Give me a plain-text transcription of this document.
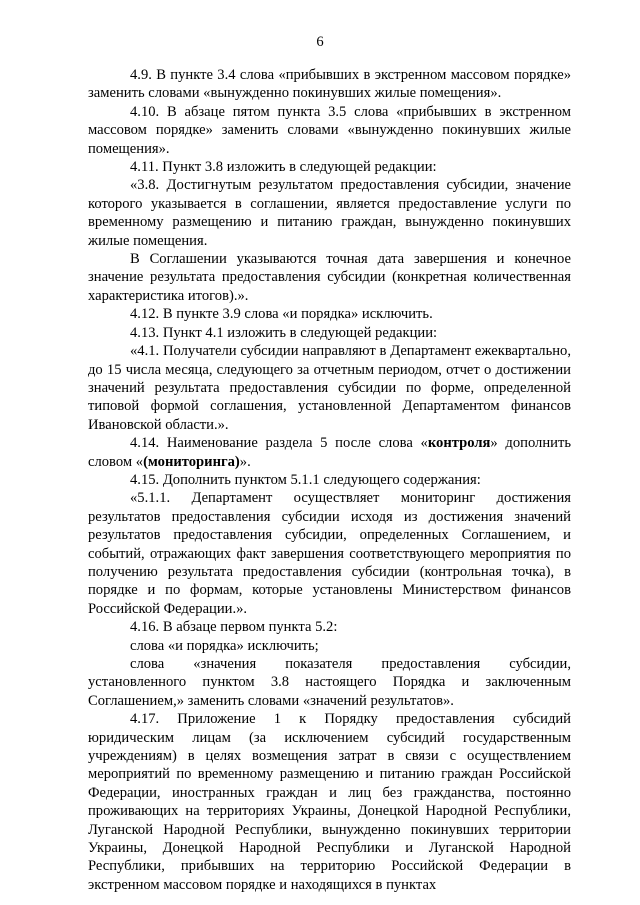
6

4.9. В пункте 3.4 слова «прибывших в экстренном массовом порядке» заменить словами «вынужденно покинувших жилые помещения».

4.10. В абзаце пятом пункта 3.5 слова «прибывших в экстренном массовом порядке» заменить словами «вынужденно покинувших жилые помещения».

4.11. Пункт 3.8 изложить в следующей редакции:

«3.8. Достигнутым результатом предоставления субсидии, значение которого указывается в соглашении, является предоставление услуги по временному размещению и питанию граждан, вынужденно покинувших жилые помещения.

В Соглашении указываются точная дата завершения и конечное значение результата предоставления субсидии (конкретная количественная характеристика итогов).».

4.12. В пункте 3.9 слова «и порядка» исключить.

4.13. Пункт 4.1 изложить в следующей редакции:

«4.1. Получатели субсидии направляют в Департамент ежеквартально, до 15 числа месяца, следующего за отчетным периодом, отчет о достижении значений результата предоставления субсидии по форме, определенной типовой формой соглашения, установленной Департаментом финансов Ивановской области.».

4.14. Наименование раздела 5 после слова «контроля» дополнить словом «(мониторинга)».

4.15. Дополнить пунктом 5.1.1 следующего содержания:

«5.1.1. Департамент осуществляет мониторинг достижения результатов предоставления субсидии исходя из достижения значений результатов предоставления субсидии, определенных Соглашением, и событий, отражающих факт завершения соответствующего мероприятия по получению результата предоставления субсидии (контрольная точка), в порядке и по формам, которые установлены Министерством финансов Российской Федерации.».

4.16. В абзаце первом пункта 5.2:

слова «и порядка» исключить;

слова «значения показателя предоставления субсидии, установленного пунктом 3.8 настоящего Порядка и заключенным Соглашением,» заменить словами «значений результатов».

4.17. Приложение 1 к Порядку предоставления субсидий юридическим лицам (за исключением субсидий государственным учреждениям) в целях возмещения затрат в связи с осуществлением мероприятий по временному размещению и питанию граждан Российской Федерации, иностранных граждан и лиц без гражданства, постоянно проживающих на территориях Украины, Донецкой Народной Республики, Луганской Народной Республики, вынужденно покинувших территории Украины, Донецкой Народной Республики и Луганской Народной Республики, прибывших на территорию Российской Федерации в экстренном массовом порядке и находящихся в пунктах
